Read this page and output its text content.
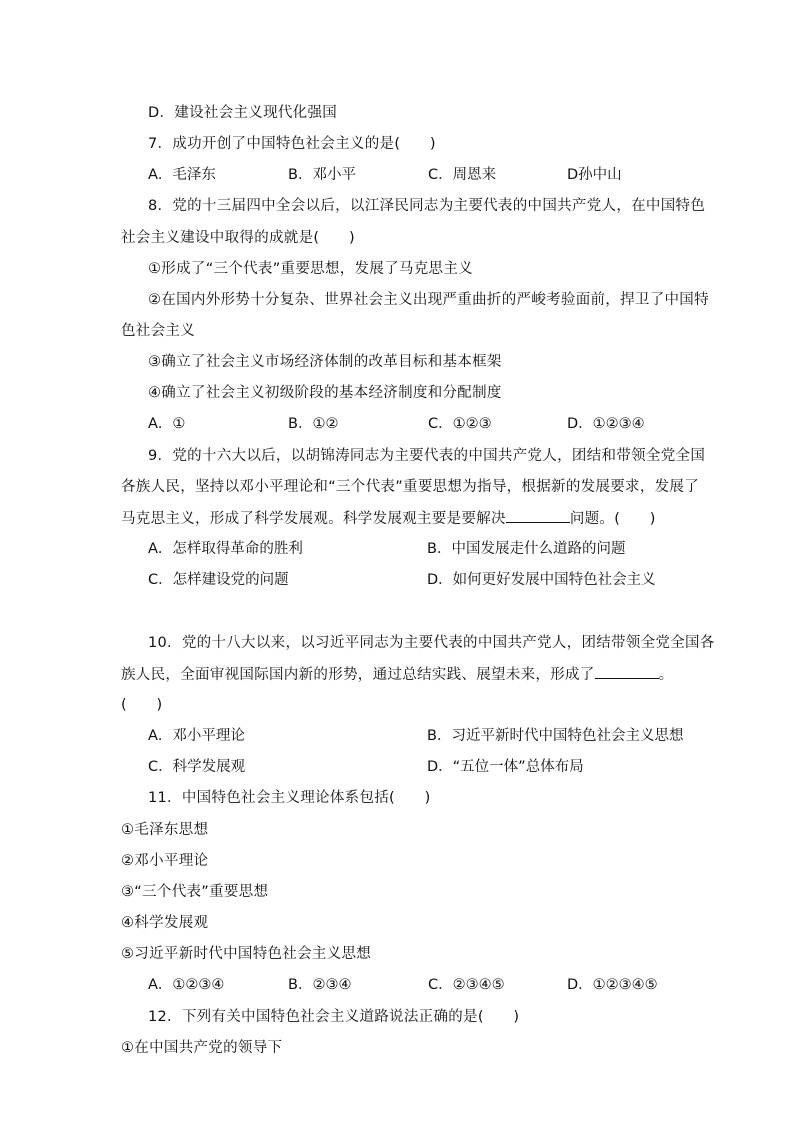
D．建设社会主义现代化强国
7．成功开创了中国特色社会主义的是(　　)
A．毛泽东	B．邓小平	C．周恩来	D孙中山
8．党的十三届四中全会以后，以江泽民同志为主要代表的中国共产党人，在中国特色
社会主义建设中取得的成就是(　　)
①形成了“三个代表”重要思想，发展了马克思主义
②在国内外形势十分复杂、世界社会主义出现严重曲折的严峻考验面前，捍卫了中国特
色社会主义
③确立了社会主义市场经济体制的改革目标和基本框架
④确立了社会主义初级阶段的基本经济制度和分配制度
A．①	B．①②	C．①②③	D．①②③④
9．党的十六大以后，以胡锦涛同志为主要代表的中国共产党人，团结和带领全党全国
各族人民，坚持以邓小平理论和“三个代表”重要思想为指导，根据新的发展要求，发展了
马克思主义，形成了科学发展观。科学发展观主要是要解决	问题。(　　)
A．怎样取得革命的胜利	B．中国发展走什么道路的问题
C．怎样建设党的问题	D．如何更好发展中国特色社会主义
10．党的十八大以来，以习近平同志为主要代表的中国共产党人，团结带领全党全国各
族人民，全面审视国际国内新的形势，通过总结实践、展望未来，形成了	。
(　　)
A．邓小平理论	B．习近平新时代中国特色社会主义思想
C．科学发展观	D．“五位一体”总体布局
11．中国特色社会主义理论体系包括(　　)
①毛泽东思想
②邓小平理论
③“三个代表”重要思想
④科学发展观
⑤习近平新时代中国特色社会主义思想
A．①②③④	B．②③④	C．②③④⑤	D．①②③④⑤
12．下列有关中国特色社会主义道路说法正确的是(　　)
①在中国共产党的领导下
